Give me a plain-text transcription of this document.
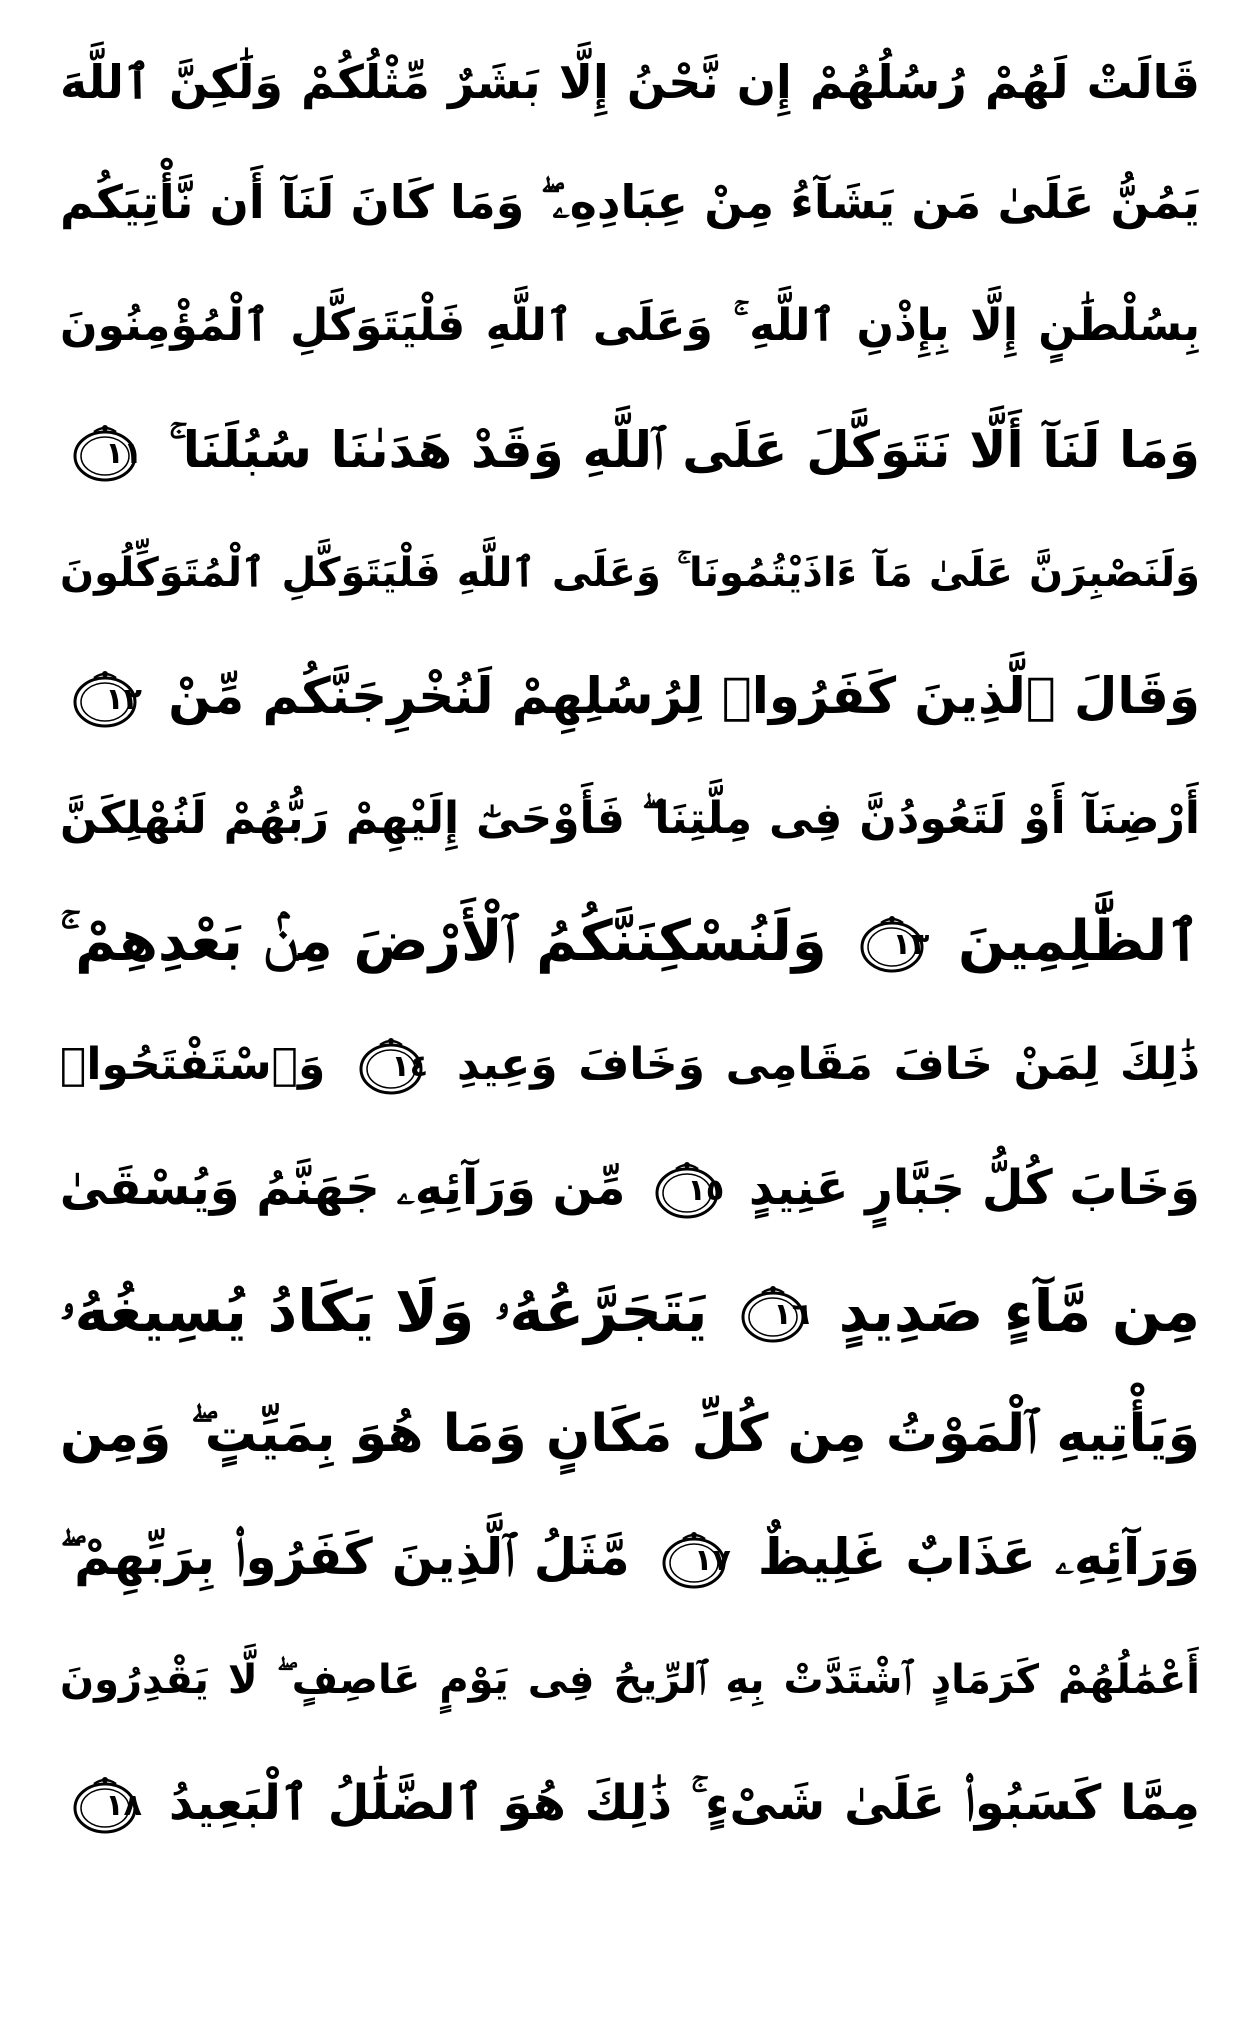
قَالَتْ لَهُمْ رُسُلُهُمْ إِن نَّحْنُ إِلَّا بَشَرٌ مِّثْلُكُمْ وَلَٰكِنَّ ٱللَّهَ
يَمُنُّ عَلَىٰ مَن يَشَآءُ مِنْ عِبَادِهِۦ ۖ وَمَا كَانَ لَنَآ أَن نَّأْتِيَكُم
بِسُلْطَٰنٍ إِلَّا بِإِذْنِ ٱللَّهِ ۚ وَعَلَى ٱللَّهِ فَلْيَتَوَكَّلِ ٱلْمُؤْمِنُونَ
وَمَا لَنَآ أَلَّا نَتَوَكَّلَ عَلَى ٱللَّهِ وَقَدْ هَدَىٰنَا سُبُلَنَا ۚ
١١
وَلَنَصْبِرَنَّ عَلَىٰ مَآ ءَاذَيْتُمُونَا ۚ وَعَلَى ٱللَّهِ فَلْيَتَوَكَّلِ ٱلْمُتَوَكِّلُونَ
وَقَالَ ٱلَّذِينَ كَفَرُوا۟ لِرُسُلِهِمْ لَنُخْرِجَنَّكُم مِّنْ
١٢
أَرْضِنَآ أَوْ لَتَعُودُنَّ فِى مِلَّتِنَا ۖ فَأَوْحَىٰٓ إِلَيْهِمْ رَبُّهُمْ لَنُهْلِكَنَّ
ٱلظَّٰلِمِينَ
١٣
وَلَنُسْكِنَنَّكُمُ ٱلْأَرْضَ مِنۢ بَعْدِهِمْ ۚ
ذَٰلِكَ لِمَنْ خَافَ مَقَامِى وَخَافَ وَعِيدِ
١٤
وَٱسْتَفْتَحُوا۟
وَخَابَ كُلُّ جَبَّارٍ عَنِيدٍ
١٥
مِّن وَرَآئِهِۦ جَهَنَّمُ وَيُسْقَىٰ
مِن مَّآءٍ صَدِيدٍ
١٦
يَتَجَرَّعُهُۥ وَلَا يَكَادُ يُسِيغُهُۥ
وَيَأْتِيهِ ٱلْمَوْتُ مِن كُلِّ مَكَانٍ وَمَا هُوَ بِمَيِّتٍ ۖ وَمِن
وَرَآئِهِۦ عَذَابٌ غَلِيظٌ
١٧
مَّثَلُ ٱلَّذِينَ كَفَرُوا۟ بِرَبِّهِمْ ۖ
أَعْمَٰلُهُمْ كَرَمَادٍ ٱشْتَدَّتْ بِهِ ٱلرِّيحُ فِى يَوْمٍ عَاصِفٍ ۖ لَّا يَقْدِرُونَ
مِمَّا كَسَبُوا۟ عَلَىٰ شَىْءٍ ۚ ذَٰلِكَ هُوَ ٱلضَّلَٰلُ ٱلْبَعِيدُ
١٨
